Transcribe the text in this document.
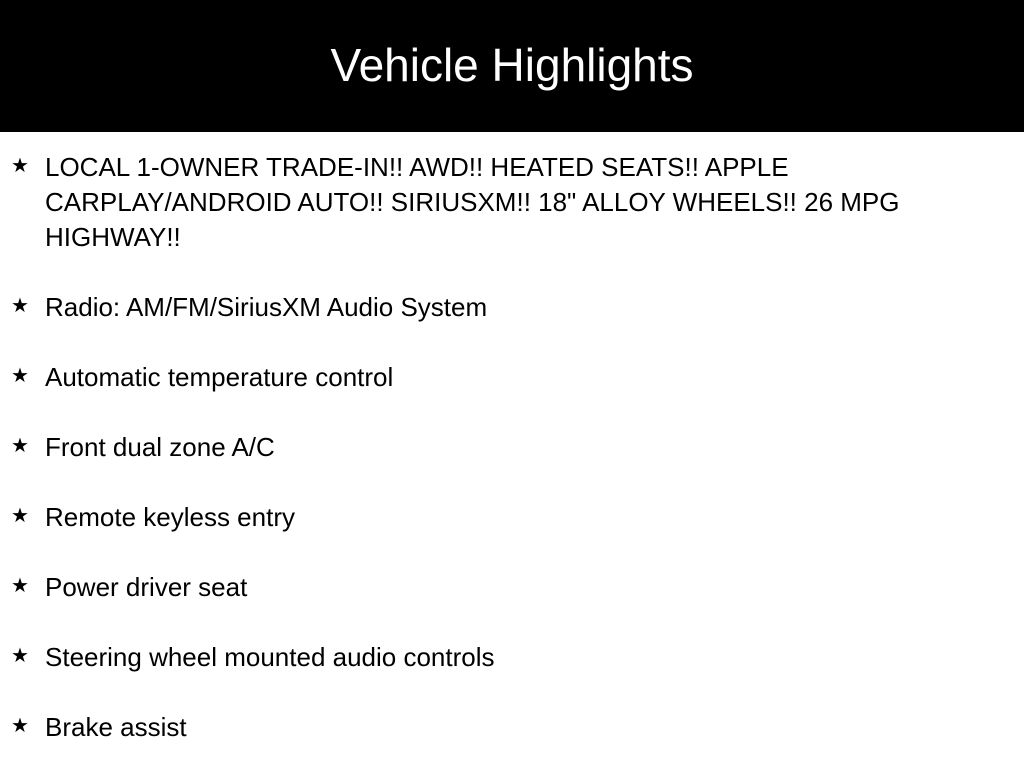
Vehicle Highlights
★ LOCAL 1-OWNER TRADE-IN!! AWD!! HEATED SEATS!! APPLE CARPLAY/ANDROID AUTO!! SIRIUSXM!! 18" ALLOY WHEELS!! 26 MPG HIGHWAY!!
★ Radio: AM/FM/SiriusXM Audio System
★ Automatic temperature control
★ Front dual zone A/C
★ Remote keyless entry
★ Power driver seat
★ Steering wheel mounted audio controls
★ Brake assist
